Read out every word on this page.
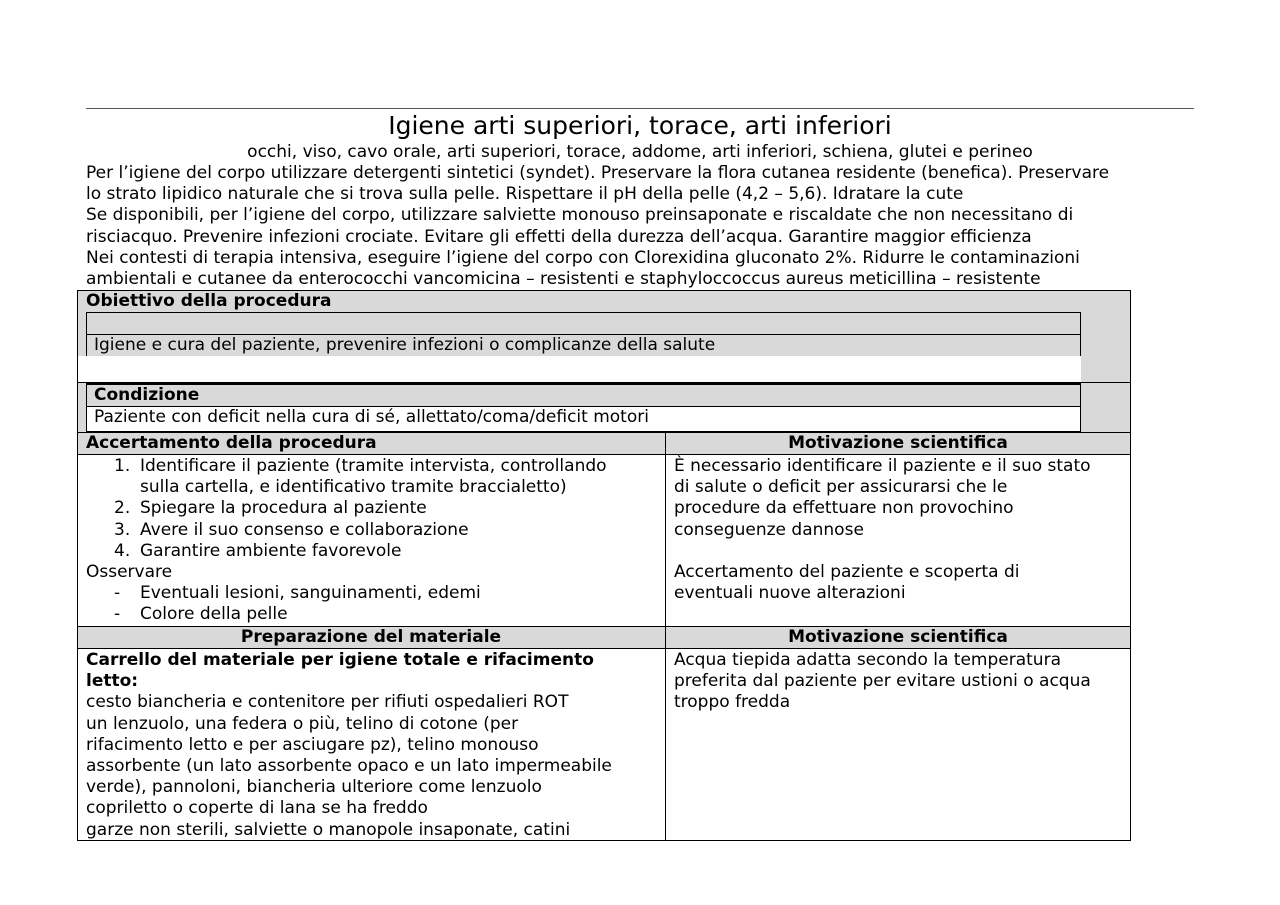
Igiene arti superiori, torace, arti inferiori
occhi, viso, cavo orale, arti superiori, torace, addome, arti inferiori, schiena, glutei e perineo

Per l’igiene del corpo utilizzare detergenti sintetici (syndet). Preservare la flora cutanea residente (benefica). Preservare

lo strato lipidico naturale che si trova sulla pelle. Rispettare il pH della pelle (4,2 – 5,6). Idratare la cute

Se disponibili, per l’igiene del corpo, utilizzare salviette monouso preinsaponate e riscaldate che non necessitano di

risciacquo. Prevenire infezioni crociate. Evitare gli effetti della durezza dell’acqua. Garantire maggior efficienza

Nei contesti di terapia intensiva, eseguire l’igiene del corpo con Clorexidina gluconato 2%. Ridurre le contaminazioni

ambientali e cutanee da enterococchi vancomicina – resistenti e staphyloccoccus aureus meticillina – resistente

Obiettivo della procedura
Igiene e cura del paziente, prevenire infezioni o complicanze della salute
Condizione
Paziente con deficit nella cura di sé, allettato/coma/deficit motori
Accertamento della procedura	Motivazione scientifica
1. Identificare il paziente (tramite intervista, controllando
sulla cartella, e identificativo tramite braccialetto)
2. Spiegare la procedura al paziente
3. Avere il suo consenso e collaborazione
4. Garantire ambiente favorevole
Osservare
- Eventuali lesioni, sanguinamenti, edemi
- Colore della pelle
È necessario identificare il paziente e il suo stato
di salute o deficit per assicurarsi che le
procedure da effettuare non provochino
conseguenze dannose
Accertamento del paziente e scoperta di
eventuali nuove alterazioni
Preparazione del materiale	Motivazione scientifica
Carrello del materiale per igiene totale e rifacimento
letto:
cesto biancheria e contenitore per rifiuti ospedalieri ROT
un lenzuolo, una federa o più, telino di cotone (per
rifacimento letto e per asciugare pz), telino monouso
assorbente (un lato assorbente opaco e un lato impermeabile
verde), pannoloni, biancheria ulteriore come lenzuolo
copriletto o coperte di lana se ha freddo
garze non sterili, salviette o manopole insaponate, catini
Acqua tiepida adatta secondo la temperatura
preferita dal paziente per evitare ustioni o acqua
troppo fredda
